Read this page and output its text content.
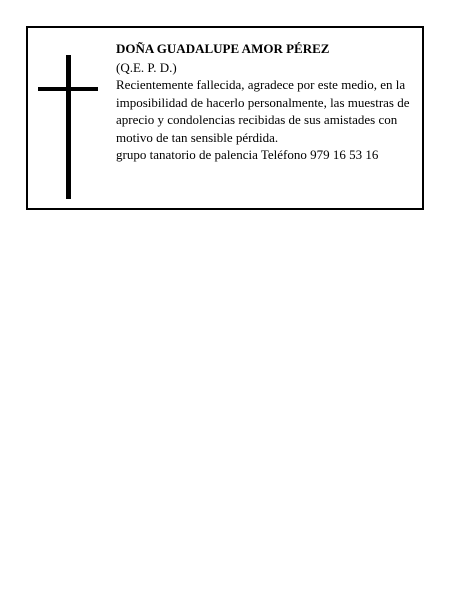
DOÑA GUADALUPE AMOR PÉREZ

(Q.E. P. D.)

Recientemente fallecida, agradece por este medio, en la imposibilidad de hacerlo personalmente, las muestras de aprecio y condolencias recibidas de sus amistades con motivo de tan sensible pérdida.

grupo tanatorio de palencia Teléfono 979 16 53 16
